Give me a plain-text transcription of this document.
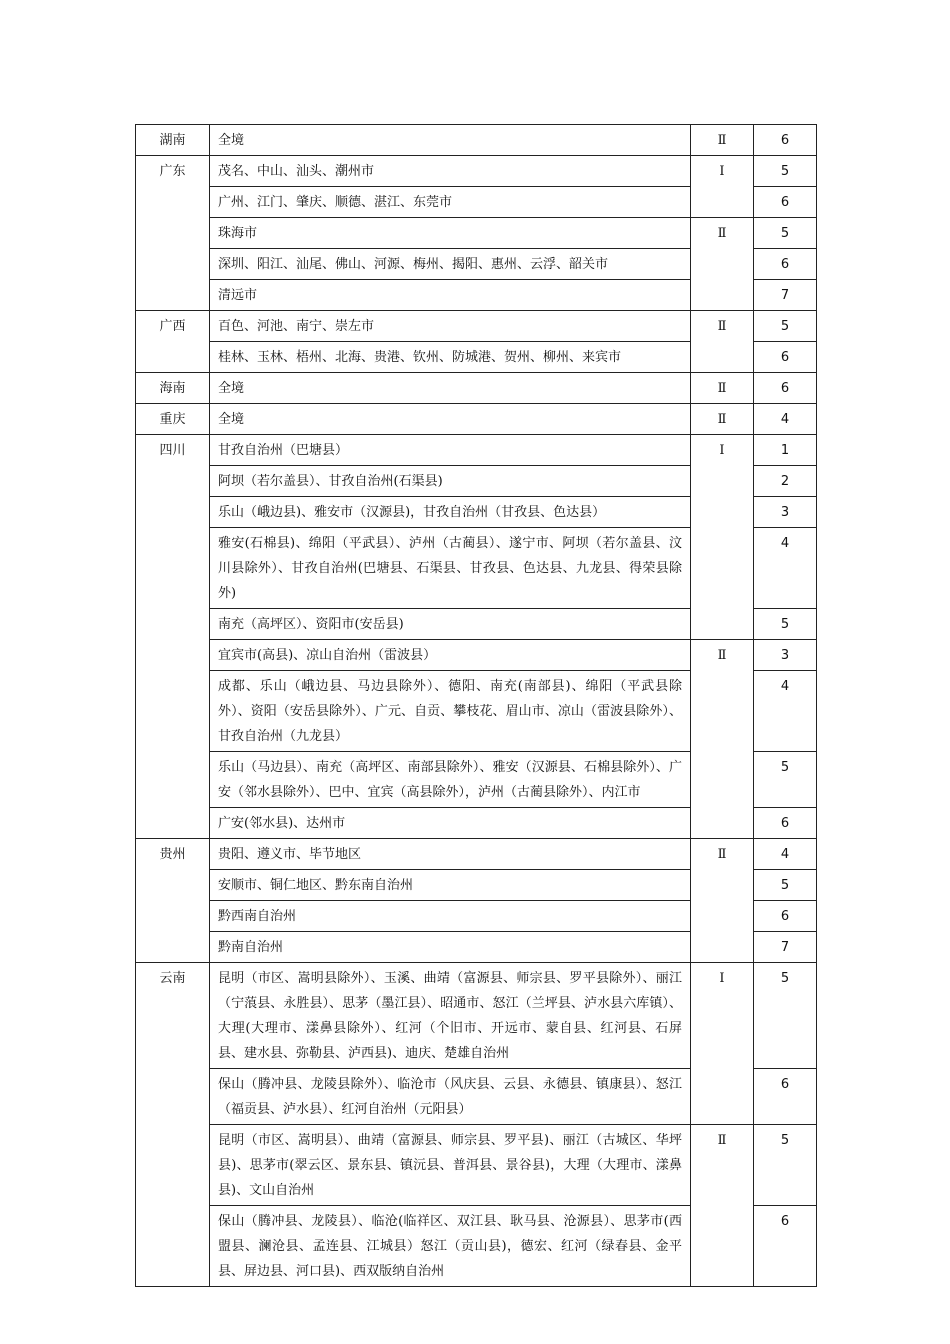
湖南	全境	Ⅱ	6
广东	茂名、中山、汕头、潮州市	Ⅰ	5
	广州、江门、肇庆、顺德、湛江、东莞市		6
	珠海市	Ⅱ	5
	深圳、阳江、汕尾、佛山、河源、梅州、揭阳、惠州、云浮、韶关市		6
	清远市		7
广西	百色、河池、南宁、崇左市	Ⅱ	5
	桂林、玉林、梧州、北海、贵港、钦州、防城港、贺州、柳州、来宾市		6
海南	全境	Ⅱ	6
重庆	全境	Ⅱ	4
四川	甘孜自治州（巴塘县）	Ⅰ	1
	阿坝（若尔盖县）、甘孜自治州(石渠县)		2
	乐山（峨边县)、雅安市（汉源县)，甘孜自治州（甘孜县、色达县）		3
	雅安(石棉县)、绵阳（平武县）、泸州（古蔺县）、遂宁市、阿坝（若尔盖县、汶川县除外）、甘孜自治州(巴塘县、石渠县、甘孜县、色达县、九龙县、得荣县除外)		4
	南充（高坪区）、资阳市(安岳县)		5
	宜宾市(高县)、凉山自治州（雷波县）	Ⅱ	3
	成都、乐山（峨边县、马边县除外）、德阳、南充(南部县)、绵阳（平武县除外）、资阳（安岳县除外）、广元、自贡、攀枝花、眉山市、凉山（雷波县除外）、甘孜自治州（九龙县）		4
	乐山（马边县）、南充（高坪区、南部县除外）、雅安（汉源县、石棉县除外）、广安（邻水县除外）、巴中、宜宾（高县除外），泸州（古蔺县除外）、内江市		5
	广安(邻水县)、达州市		6
贵州	贵阳、遵义市、毕节地区	Ⅱ	4
	安顺市、铜仁地区、黔东南自治州		5
	黔西南自治州		6
	黔南自治州		7
云南	昆明（市区、嵩明县除外）、玉溪、曲靖（富源县、师宗县、罗平县除外）、丽江（宁蒗县、永胜县）、思茅（墨江县）、昭通市、怒江（兰坪县、泸水县六库镇）、大理(大理市、漾鼻县除外）、红河（个旧市、开远市、蒙自县、红河县、石屏县、建水县、弥勒县、泸西县)、迪庆、楚雄自治州	Ⅰ	5
	保山（腾冲县、龙陵县除外）、临沧市（风庆县、云县、永德县、镇康县）、怒江（福贡县、泸水县）、红河自治州（元阳县）		6
	昆明（市区、嵩明县）、曲靖（富源县、师宗县、罗平县)、丽江（古城区、华坪县)、思茅市(翠云区、景东县、镇沅县、普洱县、景谷县)，大理（大理市、漾鼻县)、文山自治州	Ⅱ	5
	保山（腾冲县、龙陵县）、临沧(临祥区、双江县、耿马县、沧源县）、思茅市(西盟县、澜沧县、孟连县、江城县）怒江（贡山县)，德宏、红河（绿春县、金平县、屏边县、河口县)、西双版纳自治州		6
